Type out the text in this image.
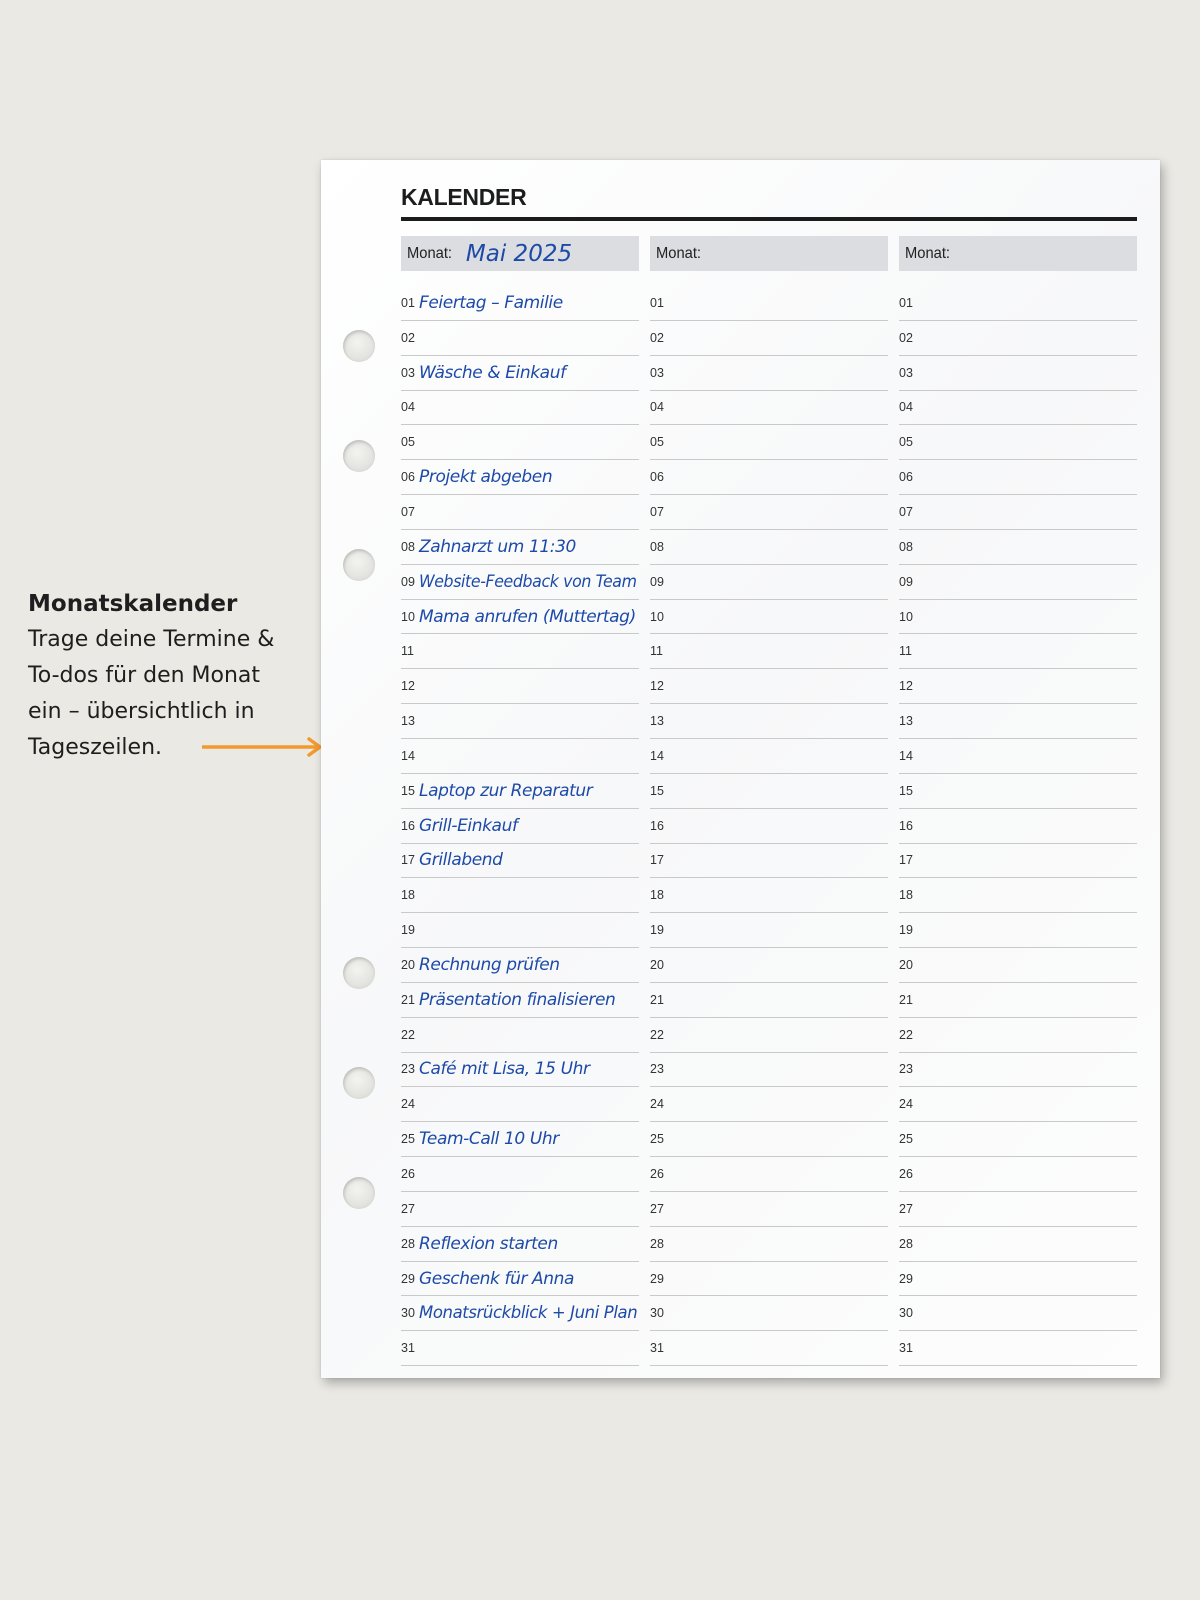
Monatskalender
Trage deine Termine &
To-dos für den Monat
ein – übersichtlich in
Tageszeilen.
KALENDER
Monat: Mai 2025
01 Feiertag – Familie
02
03 Wäsche & Einkauf
04
05
06 Projekt abgeben
07
08 Zahnarzt um 11:30
09 Website-Feedback von Team
10 Mama anrufen (Muttertag)
11
12
13
14
15 Laptop zur Reparatur
16 Grill-Einkauf
17 Grillabend
18
19
20 Rechnung prüfen
21 Präsentation finalisieren
22
23 Café mit Lisa, 15 Uhr
24
25 Team-Call 10 Uhr
26
27
28 Reflexion starten
29 Geschenk für Anna
30 Monatsrückblick + Juni Plan
31
Monat:
01
02
03
04
05
06
07
08
09
10
11
12
13
14
15
16
17
18
19
20
21
22
23
24
25
26
27
28
29
30
31
Monat:
01
02
03
04
05
06
07
08
09
10
11
12
13
14
15
16
17
18
19
20
21
22
23
24
25
26
27
28
29
30
31
